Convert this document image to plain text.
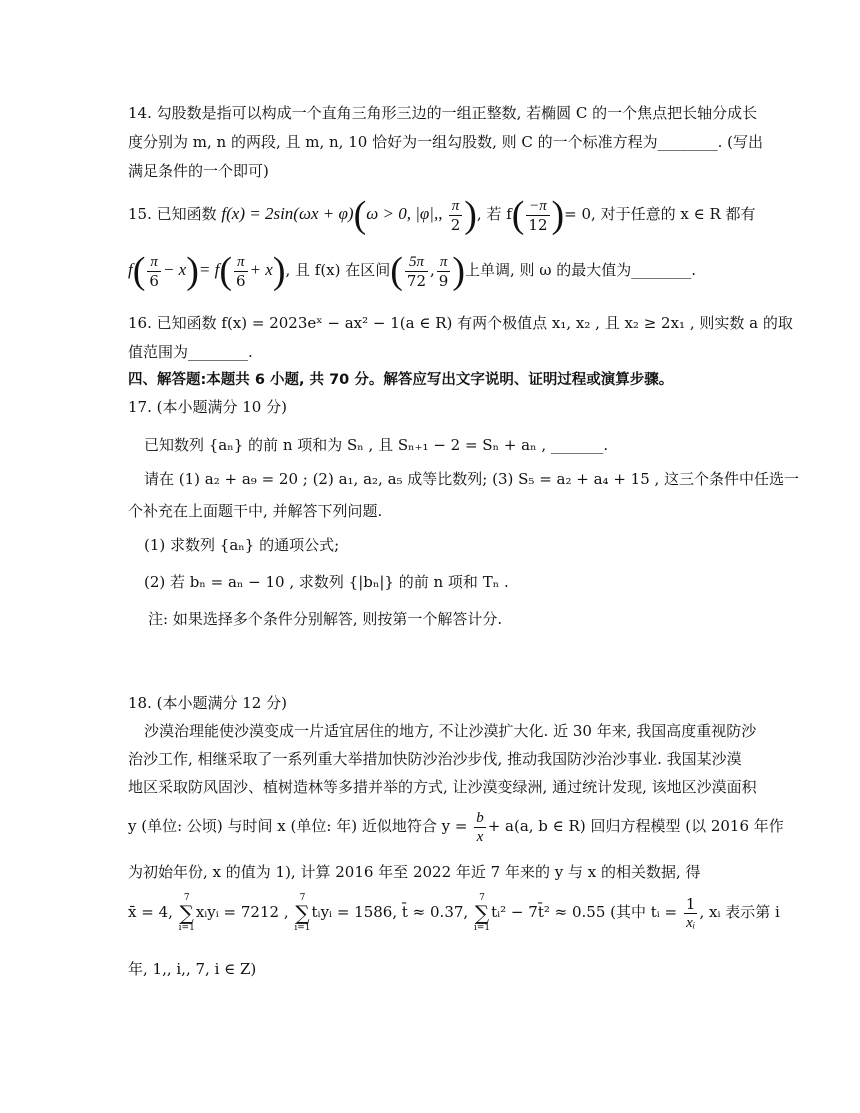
14. 勾股数是指可以构成一个直角三角形三边的一组正整数, 若椭圆 C 的一个焦点把长轴分成长
度分别为 m, n 的两段, 且 m, n, 10 恰好为一组勾股数, 则 C 的一个标准方程为________. (写出
满足条件的一个即可)
15. 已知函数 f(x) = 2sin(ωx + φ)(ω > 0, |φ|,, $\frac{\pi}{2}$ ), 若 $f( \frac{-\pi}{12}$ )= 0, 对于任意的 x ∈ R 都有
$f( \frac{\pi}{6} - x)= f( \frac{\pi}{6} + x)$, 且 f(x) 在区间( $\frac{5\pi}{72}$ , $\frac{\pi}{9}$ )上单调, 则 ω 的最大值为________.
16. 已知函数 f(x) = 2023eˣ − ax² − 1(a ∈ R) 有两个极值点 x₁, x₂ , 且 x₂ ≥ 2x₁ , 则实数 a 的取
值范围为________.
四、解答题:本题共 6 小题, 共 70 分。解答应写出文字说明、证明过程或演算步骤。
17. (本小题满分 10 分)
已知数列 {aₙ} 的前 n 项和为 Sₙ , 且 Sₙ₊₁ − 2 = Sₙ + aₙ , _______.
请在 (1) a₂ + a₉ = 20 ; (2) a₁, a₂, a₅ 成等比数列; (3) S₅ = a₂ + a₄ + 15 , 这三个条件中任选一
个补充在上面题干中, 并解答下列问题.
(1) 求数列 {aₙ} 的通项公式;
(2) 若 bₙ = aₙ − 10 , 求数列 {|bₙ|} 的前 n 项和 Tₙ .
注: 如果选择多个条件分别解答, 则按第一个解答计分.
18. (本小题满分 12 分)
沙漠治理能使沙漠变成一片适宜居住的地方, 不让沙漠扩大化. 近 30 年来, 我国高度重视防沙
治沙工作, 相继采取了一系列重大举措加快防沙治沙步伐, 推动我国防沙治沙事业. 我国某沙漠
地区采取防风固沙、植树造林等多措并举的方式, 让沙漠变绿洲, 通过统计发现, 该地区沙漠面积
y (单位: 公顷) 与时间 x (单位: 年) 近似地符合 $y = \frac{b}{x} + a(a$, b ∈ R) 回归方程模型 (以 2016 年作
为初始年份, x 的值为 1), 计算 2016 年至 2022 年近 7 年来的 y 与 x 的相关数据, 得
x̄ = 4, 7
∑
i=1xᵢyᵢ = 7212 , 7
∑
i=1tᵢyᵢ = 1586, t̄ ≈ 0.37, 7
∑
i=1tᵢ² − 7t̄² ≈ 0.55 (其中 tᵢ = $\frac{1}{\text{xᵢ}}$ , xᵢ 表示第 i
年, 1,, i,, 7, i ∈ Z)
